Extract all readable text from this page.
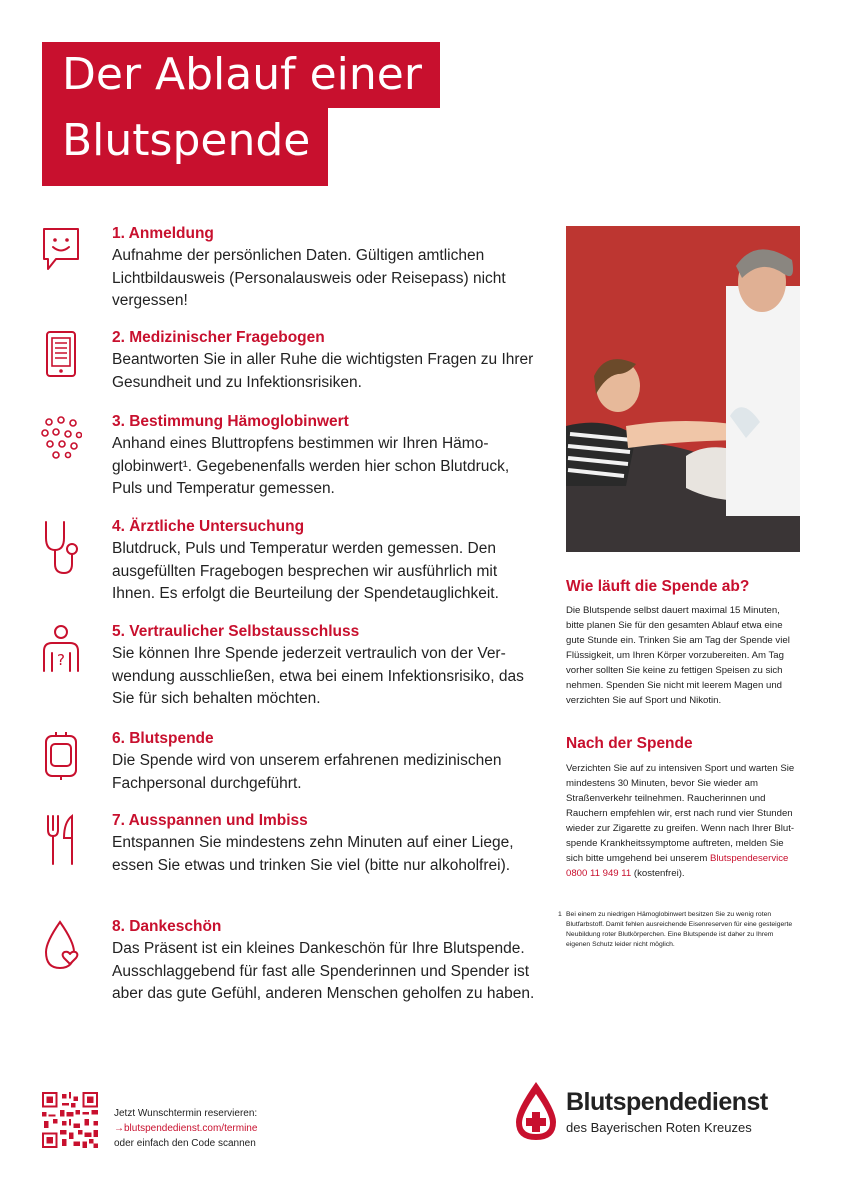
Der Ablauf einer
Blutspende
1. Anmeldung
Aufnahme der persönlichen Daten. Gültigen amtlichen Lichtbildausweis (Personalausweis oder Reisepass) nicht vergessen!
2. Medizinischer Fragebogen
Beantworten Sie in aller Ruhe die wichtigsten Fragen zu Ihrer Gesundheit und zu Infektionsrisiken.
3. Bestimmung Hämoglobinwert
Anhand eines Bluttropfens bestimmen wir Ihren Hämoglobinwert¹. Gegebenenfalls werden hier schon Blutdruck, Puls und Temperatur gemessen.
4. Ärztliche Untersuchung
Blutdruck, Puls und Temperatur werden gemessen. Den ausgefüllten Fragebogen besprechen wir ausführlich mit Ihnen. Es erfolgt die Beurteilung der Spendetauglichkeit.
?
5. Vertraulicher Selbstausschluss
Sie können Ihre Spende jederzeit vertraulich von der Verwendung ausschließen, etwa bei einem Infektionsrisiko, das Sie für sich behalten möchten.
6. Blutspende
Die Spende wird von unserem erfahrenen medizinischen Fachpersonal durchgeführt.
7. Ausspannen und Imbiss
Entspannen Sie mindestens zehn Minuten auf einer Liege, essen Sie etwas und trinken Sie viel (bitte nur alkoholfrei).
8. Dankeschön
Das Präsent ist ein kleines Dankeschön für Ihre Blutspende. Ausschlaggebend für fast alle Spenderinnen und Spender ist aber das gute Gefühl, anderen Menschen geholfen zu haben.
Wie läuft die Spende ab?
Die Blutspende selbst dauert maximal 15 Minuten, bitte planen Sie für den gesamten Ablauf etwa eine gute Stunde ein. Trinken Sie am Tag der Spende viel Flüssigkeit, um Ihren Körper vorzubereiten. Am Tag vorher sollten Sie keine zu fettigen Speisen zu sich nehmen. Spenden Sie nicht mit leerem Magen und verzichten Sie auf Sport und Nikotin.
Nach der Spende
Verzichten Sie auf zu intensiven Sport und warten Sie mindestens 30 Minuten, bevor Sie wieder am Straßenverkehr teilnehmen. Raucherinnen und Rauchern empfehlen wir, erst nach rund vier Stunden wieder zur Zigarette zu greifen. Wenn nach Ihrer Blutspende Krankheitssymptome auftreten, melden Sie sich bitte umgehend bei unserem Blutspendeservice 0800 11 949 11 (kostenfrei).
1 Bei einem zu niedrigen Hämoglobinwert besitzen Sie zu wenig roten Blutfarbstoff. Damit fehlen ausreichende Eisenreserven für eine gesteigerte Neubildung roter Blutkörperchen. Eine Blutspende ist daher zu Ihrem eigenen Schutz leider nicht möglich.
Jetzt Wunschtermin reservieren:
→blutspendedienst.com/termine
oder einfach den Code scannen
Blutspendedienst
des Bayerischen Roten Kreuzes
